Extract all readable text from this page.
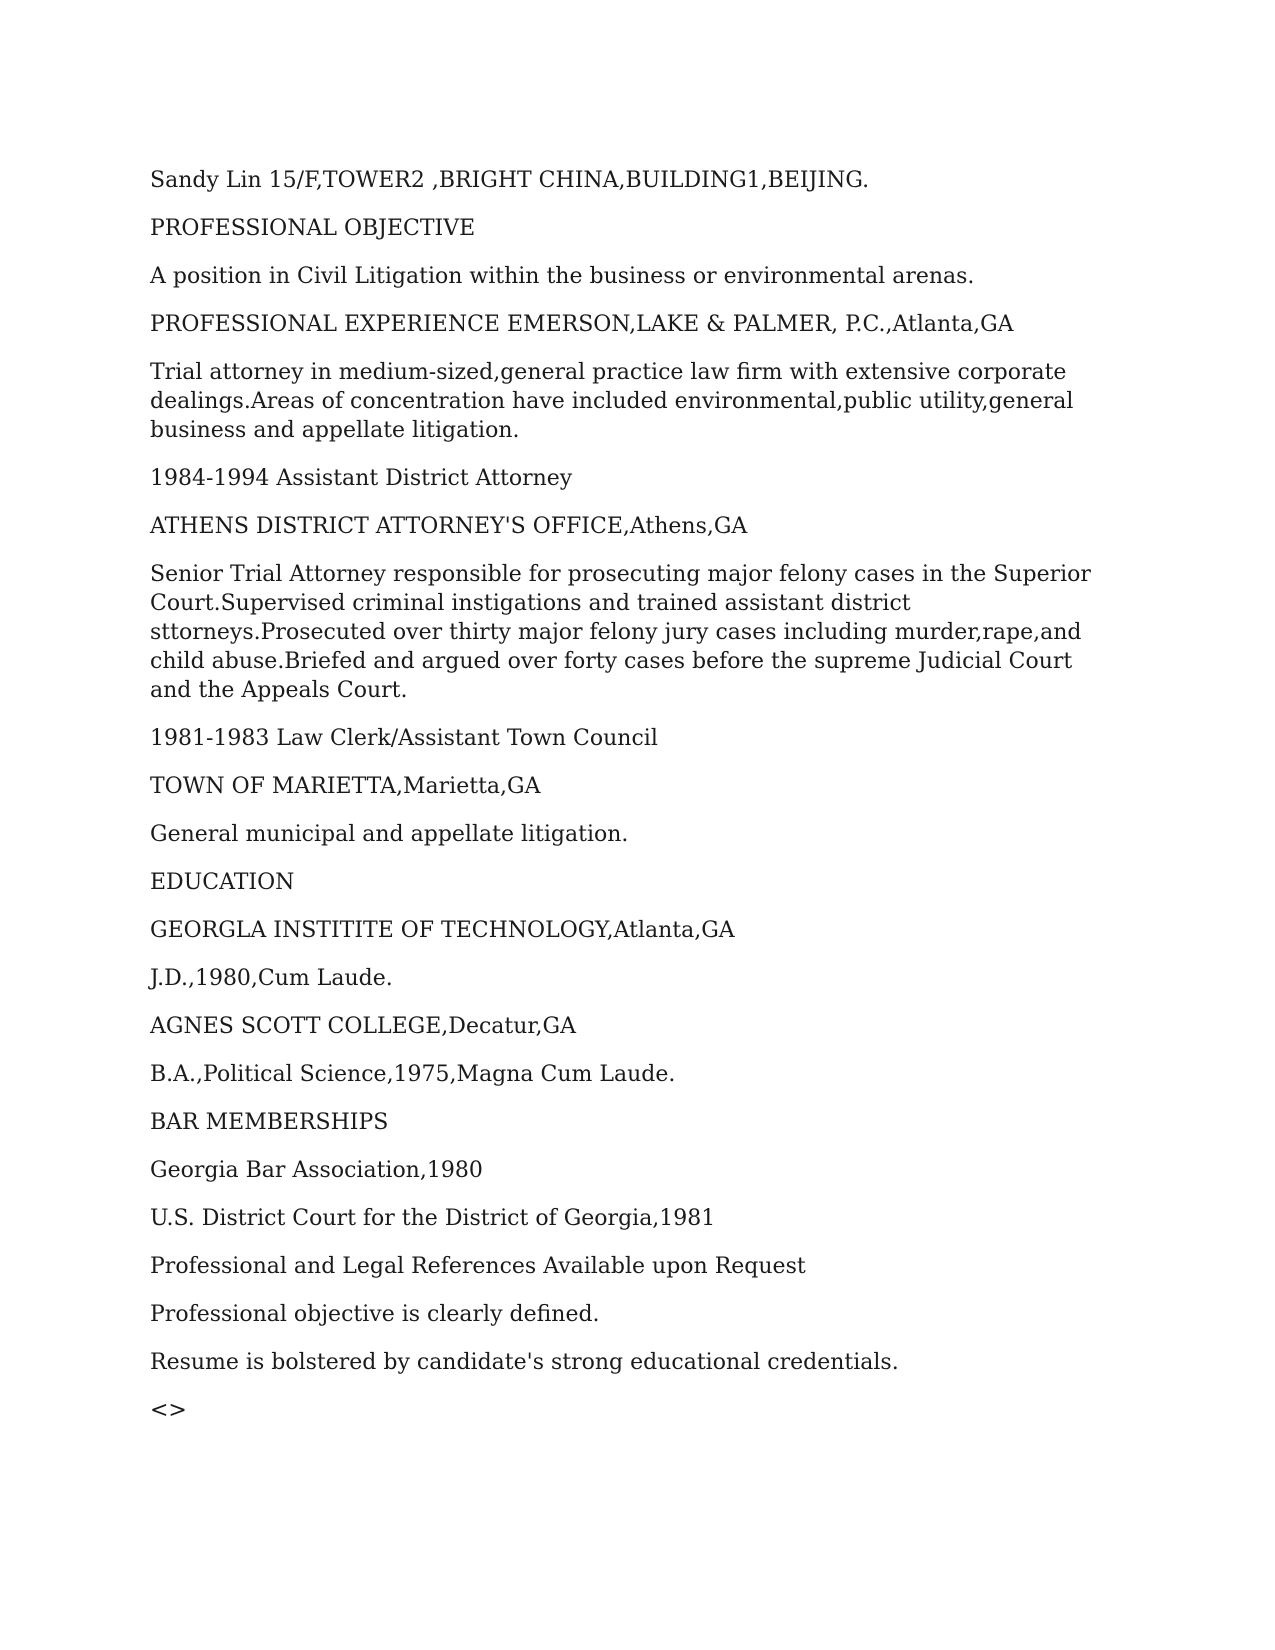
Sandy Lin 15/F,TOWER2 ,BRIGHT CHINA,BUILDING1,BEIJING.

PROFESSIONAL OBJECTIVE

A position in Civil Litigation within the business or environmental arenas.

PROFESSIONAL EXPERIENCE EMERSON,LAKE & PALMER, P.C.,Atlanta,GA

Trial attorney in medium-sized,general practice law firm with extensive corporate dealings.Areas of concentration have included environmental,public utility,general business and appellate litigation.

1984-1994 Assistant District Attorney

ATHENS DISTRICT ATTORNEY'S OFFICE,Athens,GA

Senior Trial Attorney responsible for prosecuting major felony cases in the Superior Court.Supervised criminal instigations and trained assistant district sttorneys.Prosecuted over thirty major felony jury cases including murder,rape,and child abuse.Briefed and argued over forty cases before the supreme Judicial Court and the Appeals Court.

1981-1983 Law Clerk/Assistant Town Council

TOWN OF MARIETTA,Marietta,GA

General municipal and appellate litigation.

EDUCATION

GEORGLA INSTITITE OF TECHNOLOGY,Atlanta,GA

J.D.,1980,Cum Laude.

AGNES SCOTT COLLEGE,Decatur,GA

B.A.,Political Science,1975,Magna Cum Laude.

BAR MEMBERSHIPS

Georgia Bar Association,1980

U.S. District Court for the District of Georgia,1981

Professional and Legal References Available upon Request

Professional objective is clearly defined.

Resume is bolstered by candidate's strong educational credentials.

<>
